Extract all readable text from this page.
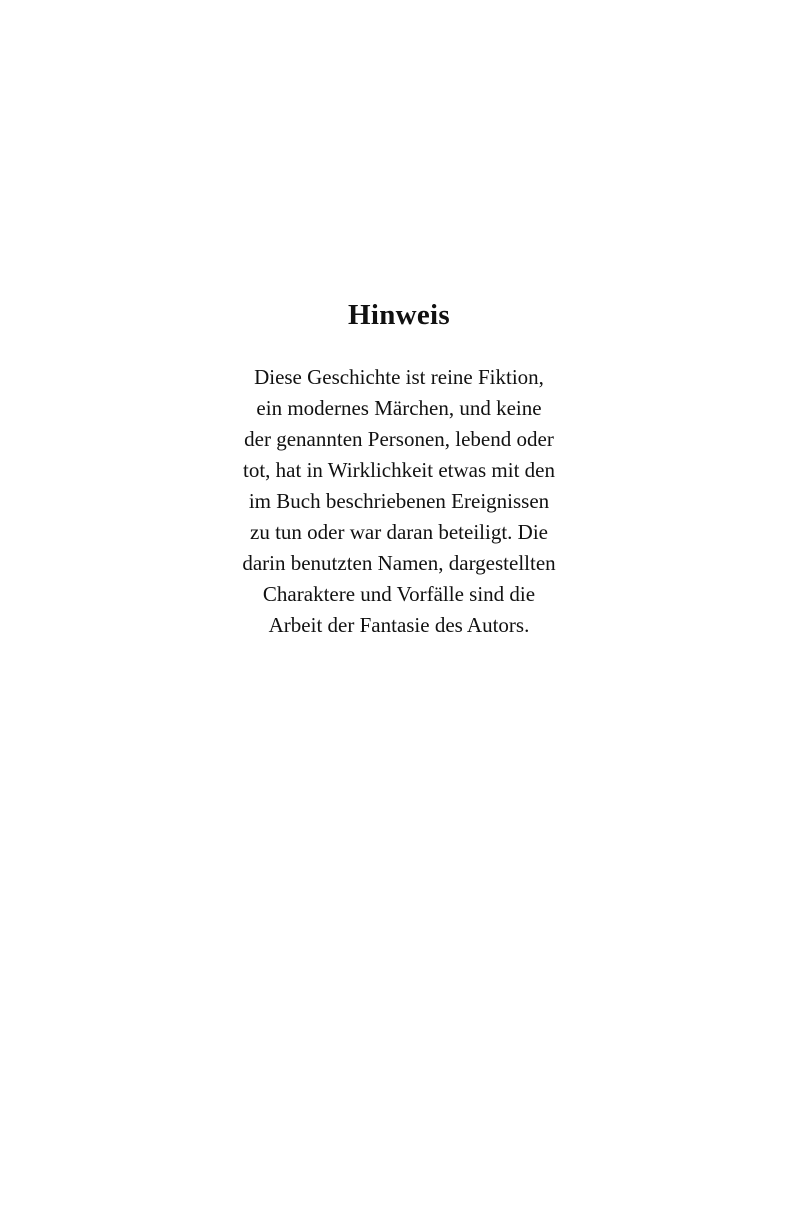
Hinweis

Diese Geschichte ist reine Fiktion,
ein modernes Märchen, und keine
der genannten Personen, lebend oder
tot, hat in Wirklichkeit etwas mit den
im Buch beschriebenen Ereignissen
zu tun oder war daran beteiligt. Die
darin benutzten Namen, dargestellten
Charaktere und Vorfälle sind die
Arbeit der Fantasie des Autors.
